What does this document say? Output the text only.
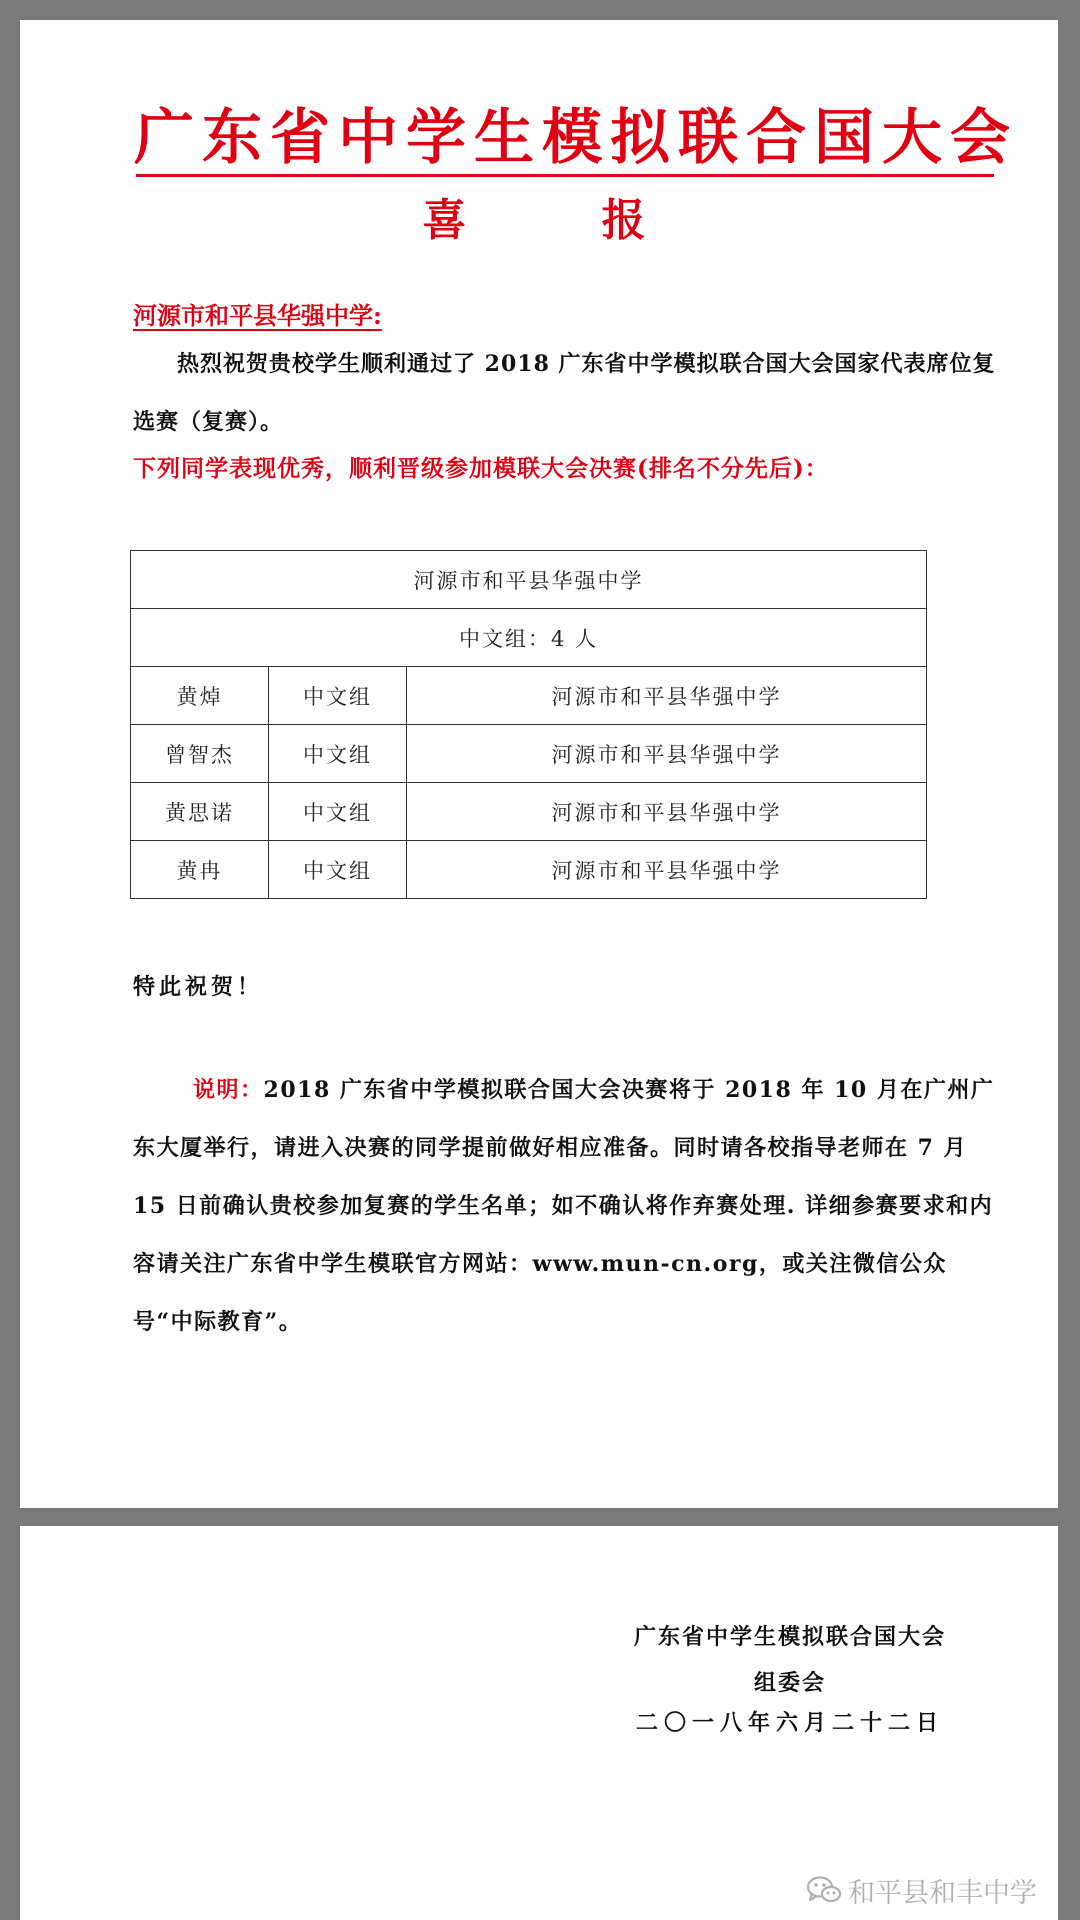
广东省中学生模拟联合国大会
喜 报
河源市和平县华强中学:
热烈祝贺贵校学生顺利通过了 2018 广东省中学模拟联合国大会国家代表席位复选赛（复赛）。
下列同学表现优秀，顺利晋级参加模联大会决赛(排名不分先后)：
河源市和平县华强中学		
中文组：4 人		
黄焯	中文组	河源市和平县华强中学
曾智杰	中文组	河源市和平县华强中学
黄思诺	中文组	河源市和平县华强中学
黄冉	中文组	河源市和平县华强中学
特此祝贺！
说明：2018 广东省中学模拟联合国大会决赛将于 2018 年 10 月在广州广东大厦举行，请进入决赛的同学提前做好相应准备。同时请各校指导老师在 7 月 15 日前确认贵校参加复赛的学生名单；如不确认将作弃赛处理. 详细参赛要求和内容请关注广东省中学生模联官方网站：www.mun-cn.org，或关注微信公众号“中际教育”。
广东省中学生模拟联合国大会
组委会
二〇一八年六月二十二日
和平县和丰中学
